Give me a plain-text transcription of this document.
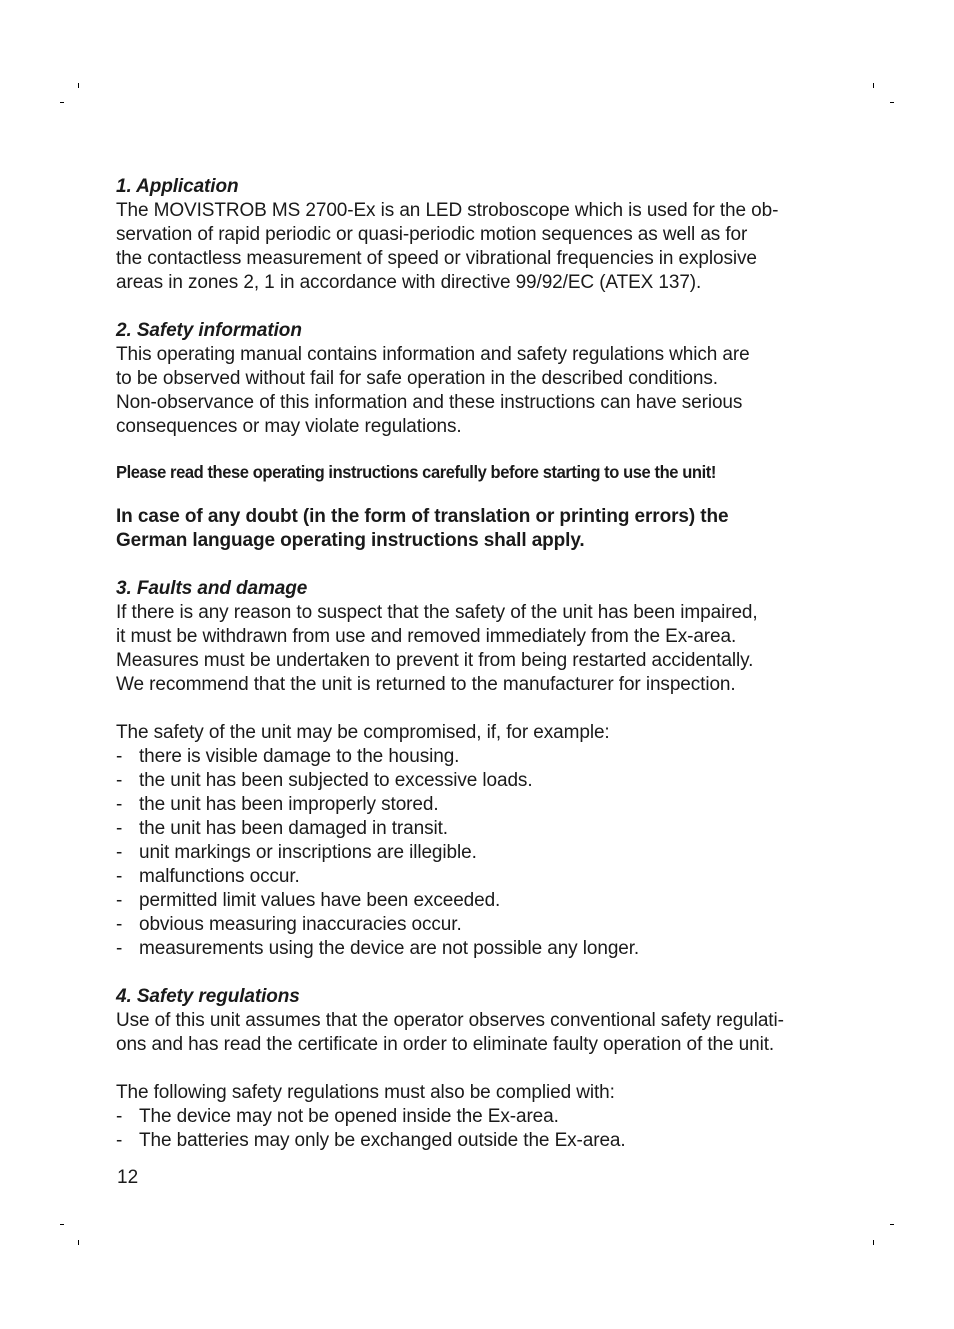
1. Application

The MOVISTROB MS 2700-Ex is an LED stroboscope which is used for the ob-

servation of rapid periodic or quasi-periodic motion sequences as well as for

the contactless measurement of speed or vibrational frequencies in explosive

areas in zones 2, 1 in accordance with directive 99/92/EC (ATEX 137).

2. Safety information

This operating manual contains information and safety regulations which are

to be observed without fail for safe operation in the described conditions.

Non-observance of this information and these instructions can have serious

consequences or may violate regulations.

Please read these operating instructions carefully before starting to use the unit!

In case of any doubt (in the form of translation or printing errors) the

German language operating instructions shall apply.

3. Faults and damage

If there is any reason to suspect that the safety of the unit has been impaired,

it must be withdrawn from use and removed immediately from the Ex-area.

Measures must be undertaken to prevent it from being restarted accidentally.

We recommend that the unit is returned to the manufacturer for inspection.

The safety of the unit may be compromised, if, for example:

- there is visible damage to the housing.
- the unit has been subjected to excessive loads.
- the unit has been improperly stored.
- the unit has been damaged in transit.
- unit markings or inscriptions are illegible.
- malfunctions occur.
- permitted limit values have been exceeded.
- obvious measuring inaccuracies occur.
- measurements using the device are not possible any longer.

4. Safety regulations

Use of this unit assumes that the operator observes conventional safety regulati-

ons and has read the certificate in order to eliminate faulty operation of the unit.

The following safety regulations must also be complied with:

- The device may not be opened inside the Ex-area.
- The batteries may only be exchanged outside the Ex-area.
12
